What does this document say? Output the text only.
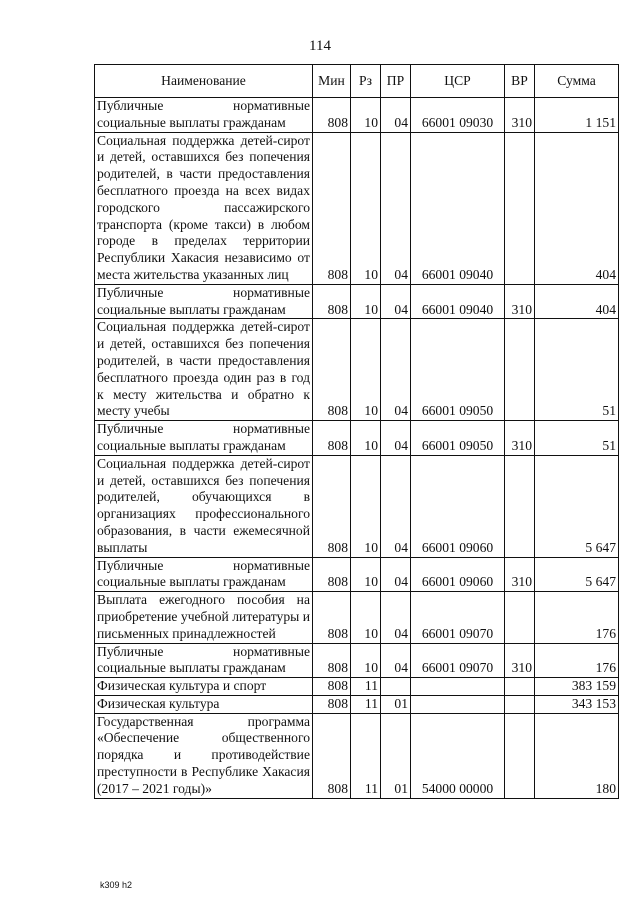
114
Наименование	Мин	Рз	ПР	ЦСР	ВР	Сумма
Публичные нормативные социальные выплаты гражданам	808	10	04	66001 09030	310	1 151
Социальная поддержка детей-сирот и детей, оставшихся без попечения родителей, в части предоставления бесплатного проезда на всех видах городского пассажирского транспорта (кроме такси) в любом городе в пределах территории Республики Хакасия независимо от места жительства указанных лиц	808	10	04	66001 09040		404
Публичные нормативные социальные выплаты гражданам	808	10	04	66001 09040	310	404
Социальная поддержка детей-сирот и детей, оставшихся без попечения родителей, в части предоставления бесплатного проезда один раз в год к месту жительства и обратно к месту учебы	808	10	04	66001 09050		51
Публичные нормативные социальные выплаты гражданам	808	10	04	66001 09050	310	51
Социальная поддержка детей-сирот и детей, оставшихся без попечения родителей, обучающихся в организациях профессионального образования, в части ежемесячной выплаты	808	10	04	66001 09060		5 647
Публичные нормативные социальные выплаты гражданам	808	10	04	66001 09060	310	5 647
Выплата ежегодного пособия на приобретение учебной литературы и письменных принадлежностей	808	10	04	66001 09070		176
Публичные нормативные социальные выплаты гражданам	808	10	04	66001 09070	310	176
Физическая культура и спорт	808	11				383 159
Физическая культура	808	11	01			343 153
Государственная программа «Обеспечение общественного порядка и противодействие преступности в Республике Хакасия (2017 – 2021 годы)»	808	11	01	54000 00000		180
k309 h2
